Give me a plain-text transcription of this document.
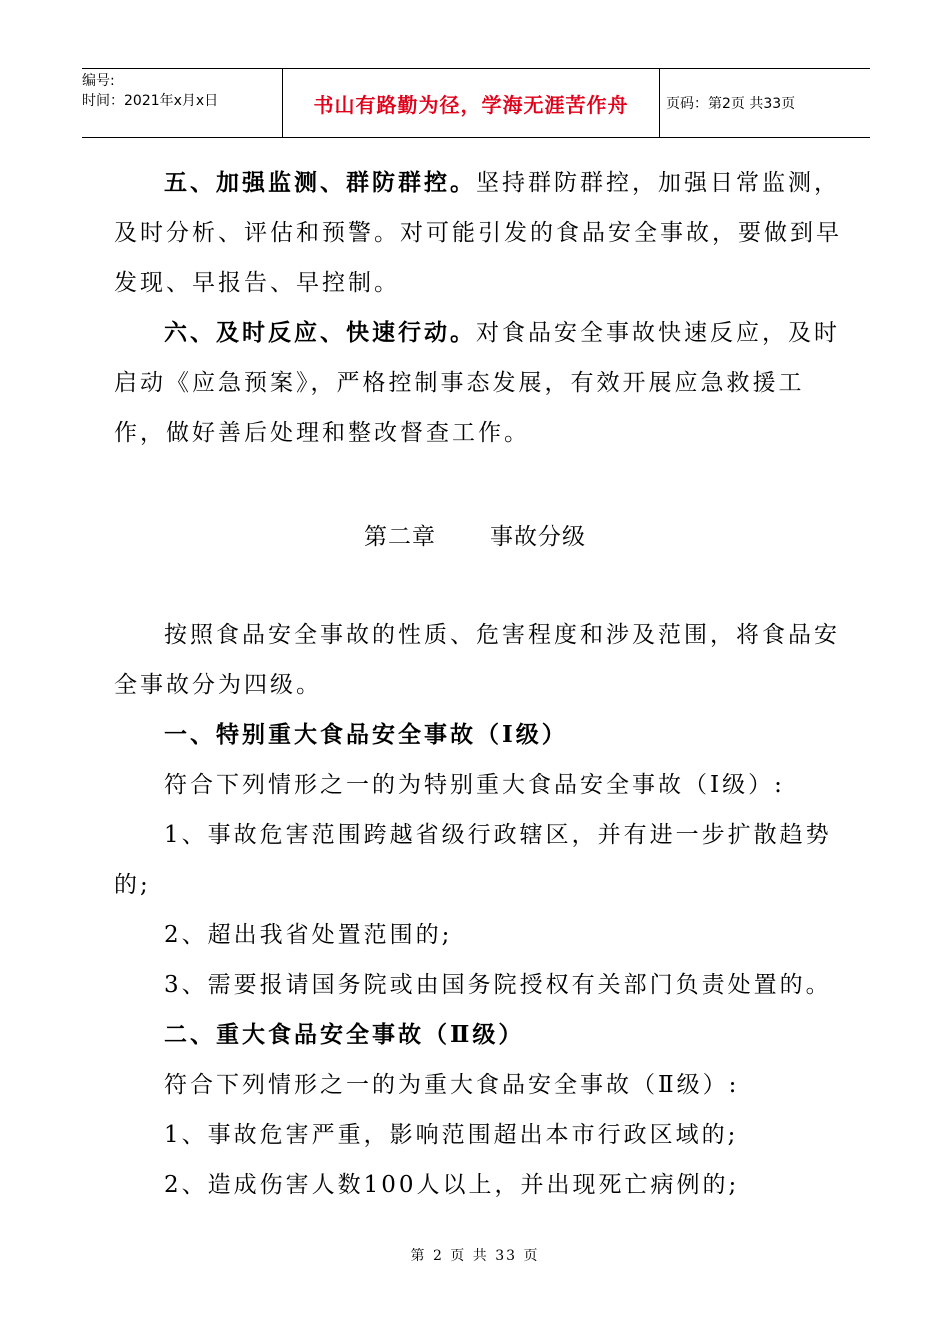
编号:
时间：2021年x月x日	书山有路勤为径，学海无涯苦作舟	页码：第2页 共33页

五、加强监测、群防群控。坚持群防群控，加强日常监测，及时分析、评估和预警。对可能引发的食品安全事故，要做到早发现、早报告、早控制。

六、及时反应、快速行动。对食品安全事故快速反应，及时启动《应急预案》，严格控制事态发展，有效开展应急救援工作，做好善后处理和整改督查工作。

第二章 事故分级

按照食品安全事故的性质、危害程度和涉及范围，将食品安全事故分为四级。

一、特别重大食品安全事故（Ⅰ级）

符合下列情形之一的为特别重大食品安全事故（Ⅰ级）:

1、事故危害范围跨越省级行政辖区，并有进一步扩散趋势的;

2、超出我省处置范围的;

3、需要报请国务院或由国务院授权有关部门负责处置的。

二、重大食品安全事故（Ⅱ级）

符合下列情形之一的为重大食品安全事故（Ⅱ级）:

1、事故危害严重，影响范围超出本市行政区域的;

2、造成伤害人数100人以上，并出现死亡病例的;

第 2 页 共 33 页
